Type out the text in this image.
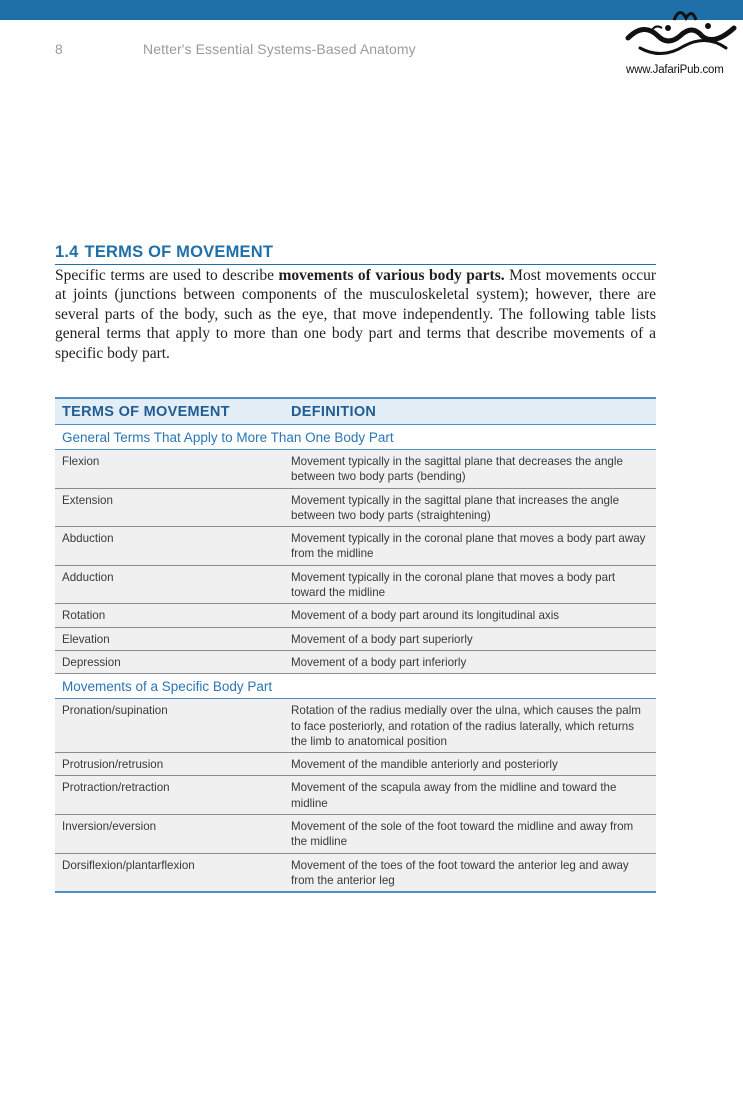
8	Netter's Essential Systems-Based Anatomy
www.JafariPub.com
1.4 TERMS OF MOVEMENT

Specific terms are used to describe movements of various body parts. Most movements occur at joints (junctions between components of the musculoskeletal system); however, there are several parts of the body, such as the eye, that move independently. The following table lists general terms that apply to more than one body part and terms that describe movements of a specific body part.

TERMS OF MOVEMENT	DEFINITION
General Terms That Apply to More Than One Body Part	
Flexion	Movement typically in the sagittal plane that decreases the angle between two body parts (bending)
Extension	Movement typically in the sagittal plane that increases the angle between two body parts (straightening)
Abduction	Movement typically in the coronal plane that moves a body part away from the midline
Adduction	Movement typically in the coronal plane that moves a body part toward the midline
Rotation	Movement of a body part around its longitudinal axis
Elevation	Movement of a body part superiorly
Depression	Movement of a body part inferiorly
Movements of a Specific Body Part	
Pronation/supination	Rotation of the radius medially over the ulna, which causes the palm to face posteriorly, and rotation of the radius laterally, which returns the limb to anatomical position
Protrusion/retrusion	Movement of the mandible anteriorly and posteriorly
Protraction/retraction	Movement of the scapula away from the midline and toward the midline
Inversion/eversion	Movement of the sole of the foot toward the midline and away from the midline
Dorsiflexion/plantarflexion	Movement of the toes of the foot toward the anterior leg and away from the anterior leg
